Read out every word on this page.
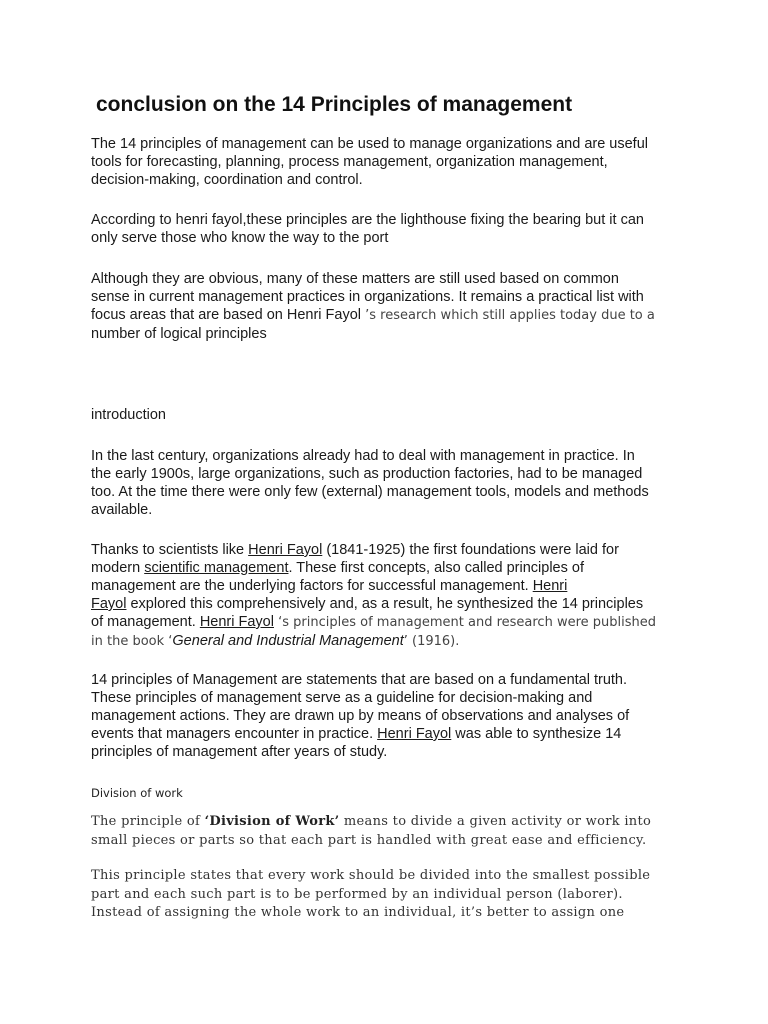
conclusion on the 14 Principles of management

The 14 principles of management can be used to manage organizations and are useful
tools for forecasting, planning, process management, organization management,
decision-making, coordination and control.

According to henri fayol,these principles are the lighthouse fixing the bearing but it can
only serve those who know the way to the port

Although they are obvious, many of these matters are still used based on common
sense in current management practices in organizations. It remains a practical list with
focus areas that are based on Henri Fayol ’s research which still applies today due to a
number of logical principles

introduction

In the last century, organizations already had to deal with management in practice. In
the early 1900s, large organizations, such as production factories, had to be managed
too. At the time there were only few (external) management tools, models and methods
available.

Thanks to scientists like Henri Fayol (1841-1925) the first foundations were laid for
modern scientific management. These first concepts, also called principles of
management are the underlying factors for successful management. Henri
Fayol explored this comprehensively and, as a result, he synthesized the 14 principles
of management. Henri Fayol ‘s principles of management and research were published
in the book ‘General and Industrial Management’ (1916).

14 principles of Management are statements that are based on a fundamental truth.
These principles of management serve as a guideline for decision-making and
management actions. They are drawn up by means of observations and analyses of
events that managers encounter in practice. Henri Fayol was able to synthesize 14
principles of management after years of study.

Division of work

The principle of ‘Division of Work’ means to divide a given activity or work into
small pieces or parts so that each part is handled with great ease and efficiency.

This principle states that every work should be divided into the smallest possible
part and each such part is to be performed by an individual person (laborer).
Instead of assigning the whole work to an individual, it’s better to assign one
